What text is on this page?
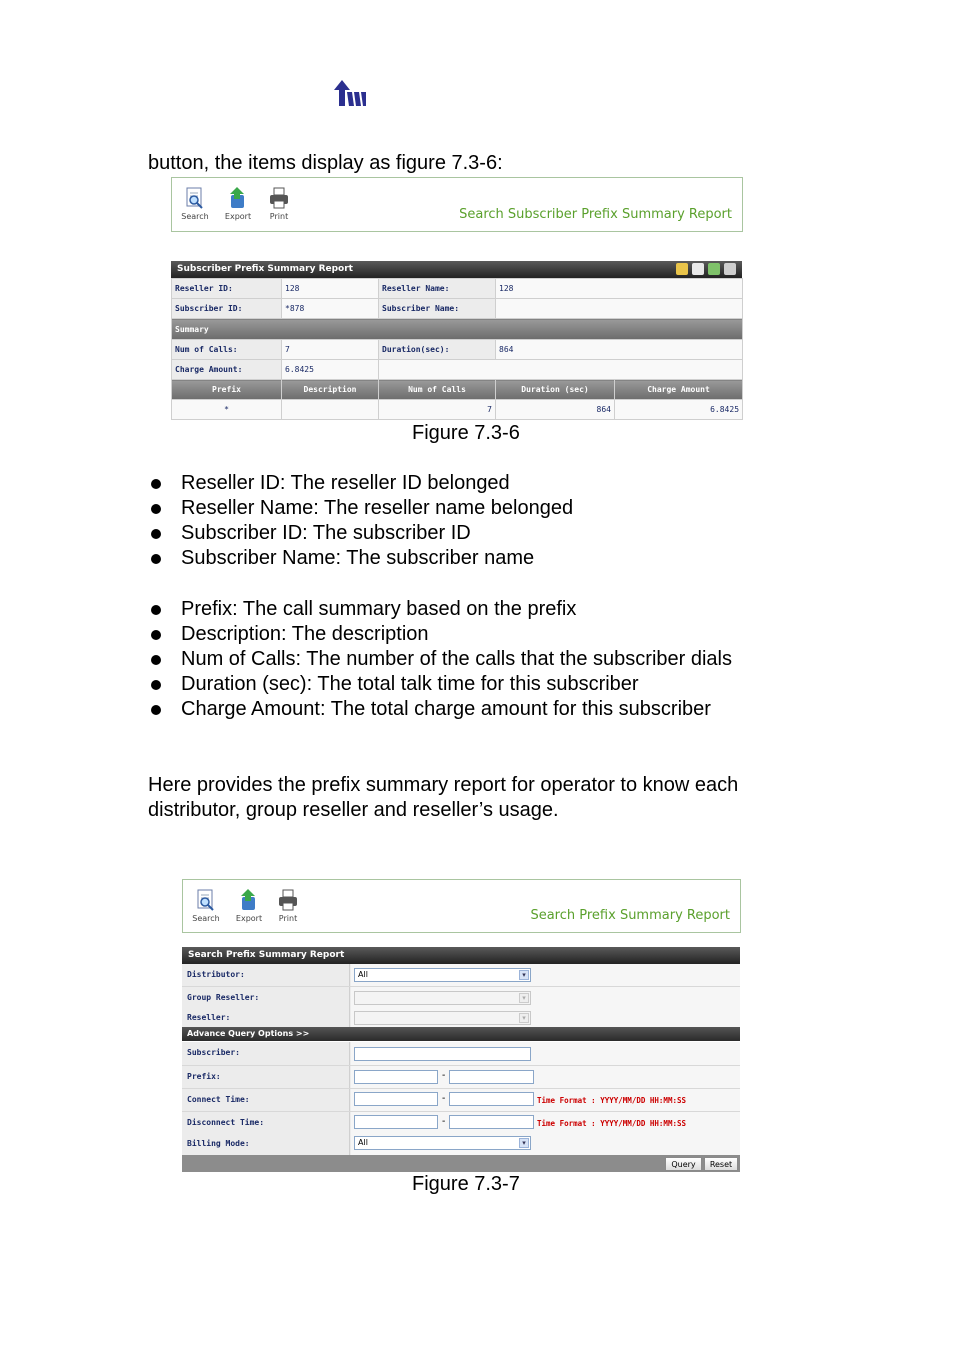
button, the items display as figure 7.3-6:
Search	Export	Print	Search Subscriber Prefix Summary Report
Subscriber Prefix Summary Report
Reseller ID:	128	Reseller Name:	128	
Subscriber ID:	*878	Subscriber Name:		
Summary				
Num of Calls:	7	Duration(sec):	864	
Charge Amount:	6.8425			
Prefix	Description	Num of Calls	Duration (sec)	Charge Amount
*		7	864	6.8425
Figure 7.3-6
Reseller ID: The reseller ID belonged
Reseller Name: The reseller name belonged
Subscriber ID: The subscriber ID
Subscriber Name: The subscriber name
Prefix: The call summary based on the prefix
Description: The description
Num of Calls: The number of the calls that the subscriber dials
Duration (sec): The total talk time for this subscriber
Charge Amount: The total charge amount for this subscriber
Here provides the prefix summary report for operator to know each
distributor, group reseller and reseller’s usage.
Search	Export	Print	Search Prefix Summary Report
Search Prefix Summary Report
Distributor:	All	▾
Group Reseller:	▾
Reseller:	▾
Advance Query Options >>
Subscriber:
Prefix:	-
Connect Time:	-	Time Format : YYYY/MM/DD HH:MM:SS
Disconnect Time:	-	Time Format : YYYY/MM/DD HH:MM:SS
Billing Mode:	All	▾
Query	Reset
Figure 7.3-7
